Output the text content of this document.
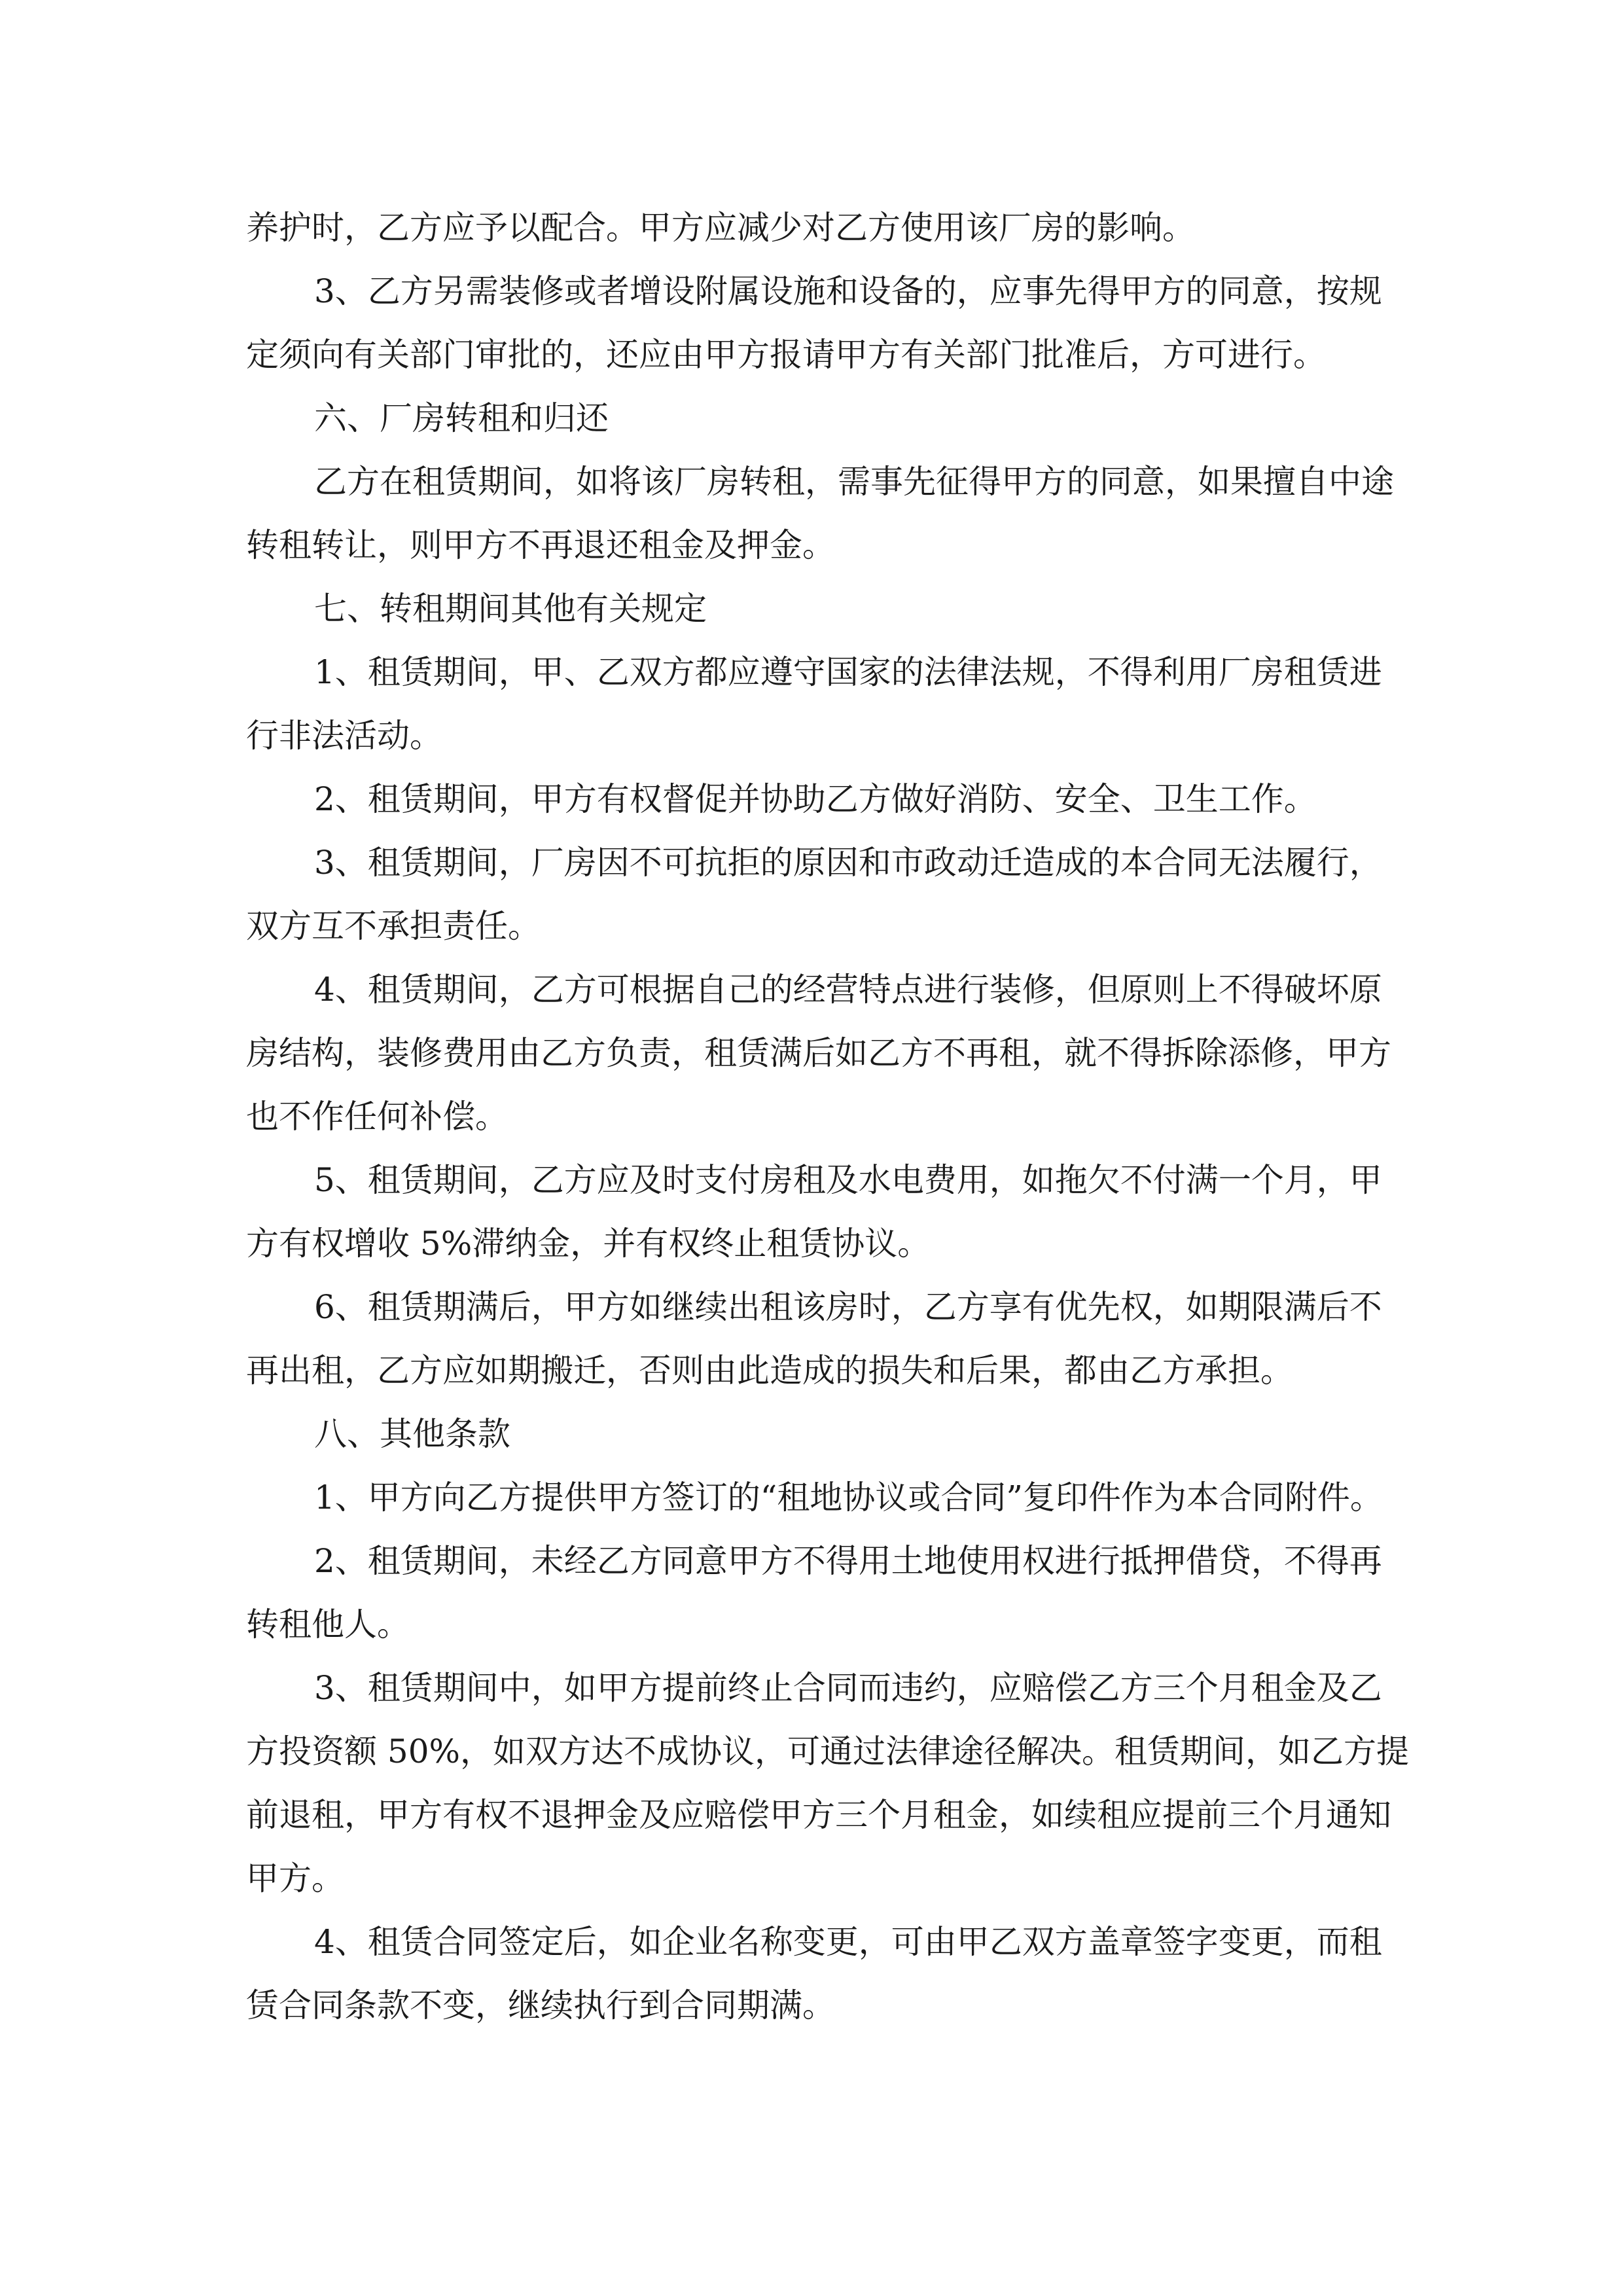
养护时，乙方应予以配合。甲方应减少对乙方使用该厂房的影响。
3、乙方另需装修或者增设附属设施和设备的，应事先得甲方的同意，按规
定须向有关部门审批的，还应由甲方报请甲方有关部门批准后，方可进行。
六、厂房转租和归还
乙方在租赁期间，如将该厂房转租，需事先征得甲方的同意，如果擅自中途
转租转让，则甲方不再退还租金及押金。
七、转租期间其他有关规定
1、租赁期间，甲、乙双方都应遵守国家的法律法规，不得利用厂房租赁进
行非法活动。
2、租赁期间，甲方有权督促并协助乙方做好消防、安全、卫生工作。
3、租赁期间，厂房因不可抗拒的原因和市政动迁造成的本合同无法履行，
双方互不承担责任。
4、租赁期间，乙方可根据自己的经营特点进行装修，但原则上不得破坏原
房结构，装修费用由乙方负责，租赁满后如乙方不再租，就不得拆除添修，甲方
也不作任何补偿。
5、租赁期间，乙方应及时支付房租及水电费用，如拖欠不付满一个月，甲
方有权增收 5%滞纳金，并有权终止租赁协议。
6、租赁期满后，甲方如继续出租该房时，乙方享有优先权，如期限满后不
再出租，乙方应如期搬迁，否则由此造成的损失和后果，都由乙方承担。
八、其他条款
1、甲方向乙方提供甲方签订的“租地协议或合同”复印件作为本合同附件。
2、租赁期间，未经乙方同意甲方不得用土地使用权进行抵押借贷，不得再
转租他人。
3、租赁期间中，如甲方提前终止合同而违约，应赔偿乙方三个月租金及乙
方投资额 50%，如双方达不成协议，可通过法律途径解决。租赁期间，如乙方提
前退租，甲方有权不退押金及应赔偿甲方三个月租金，如续租应提前三个月通知
甲方。
4、租赁合同签定后，如企业名称变更，可由甲乙双方盖章签字变更，而租
赁合同条款不变，继续执行到合同期满。
